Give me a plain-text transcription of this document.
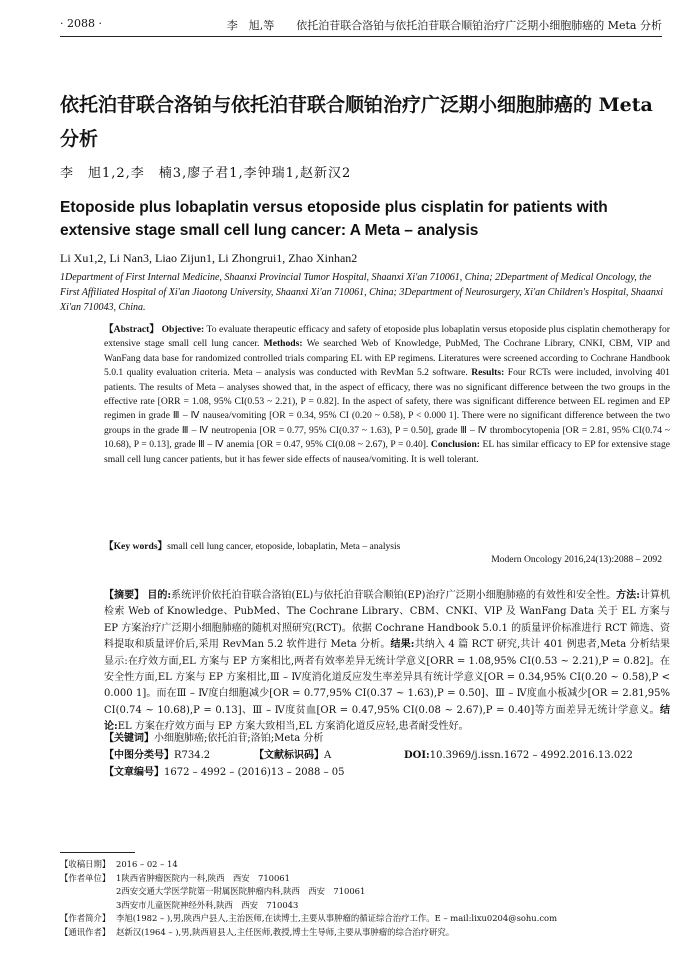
· 2088 ·	李　旭,等　　依托泊苷联合洛铂与依托泊苷联合顺铂治疗广泛期小细胞肺癌的 Meta 分析
依托泊苷联合洛铂与依托泊苷联合顺铂治疗广泛期小细胞肺癌的 Meta 分析
李　旭1,2,李　楠3,廖子君1,李钟瑞1,赵新汉2
Etoposide plus lobaplatin versus etoposide plus cisplatin for patients with extensive stage small cell lung cancer: A Meta – analysis
Li Xu1,2, Li Nan3, Liao Zijun1, Li Zhongrui1, Zhao Xinhan2
1Department of First Internal Medicine, Shaanxi Provincial Tumor Hospital, Shaanxi Xi'an 710061, China; 2Department of Medical Oncology, the First Affiliated Hospital of Xi'an Jiaotong University, Shaanxi Xi'an 710061, China; 3Department of Neurosurgery, Xi'an Children's Hospital, Shaanxi Xi'an 710043, China.
【Abstract】 Objective: To evaluate therapeutic efficacy and safety of etoposide plus lobaplatin versus etoposide plus cisplatin chemotherapy for extensive stage small cell lung cancer. Methods: We searched Web of Knowledge, PubMed, The Cochrane Library, CNKI, CBM, VIP and WanFang data base for randomized controlled trials comparing EL with EP regimens. Literatures were screened according to Cochrane Handbook 5.0.1 quality evaluation criteria. Meta – analysis was conducted with RevMan 5.2 software. Results: Four RCTs were included, involving 401 patients. The results of Meta – analyses showed that, in the aspect of efficacy, there was no significant difference between the two groups in the effective rate [ORR = 1.08, 95% CI(0.53 ~ 2.21), P = 0.82]. In the aspect of safety, there was significant difference between EL regimen and EP regimen in grade Ⅲ – Ⅳ nausea/vomiting [OR = 0.34, 95% CI (0.20 ~ 0.58), P < 0.000 1]. There were no significant difference between the two groups in the grade Ⅲ – Ⅳ neutropenia [OR = 0.77, 95% CI(0.37 ~ 1.63), P = 0.50], grade Ⅲ – Ⅳ thrombocytopenia [OR = 2.81, 95% CI(0.74 ~ 10.68), P = 0.13], grade Ⅲ – Ⅳ anemia [OR = 0.47, 95% CI(0.08 ~ 2.67), P = 0.40]. Conclusion: EL has similar efficacy to EP for extensive stage small cell lung cancer patients, but it has fewer side effects of nausea/vomiting. It is well tolerant.
【Key words】small cell lung cancer, etoposide, lobaplatin, Meta – analysis
Modern Oncology 2016,24(13):2088 – 2092
【摘要】 目的:系统评价依托泊苷联合洛铂(EL)与依托泊苷联合顺铂(EP)治疗广泛期小细胞肺癌的有效性和安全性。方法:计算机检索 Web of Knowledge、PubMed、The Cochrane Library、CBM、CNKI、VIP 及 WanFang Data 关于 EL 方案与 EP 方案治疗广泛期小细胞肺癌的随机对照研究(RCT)。依据 Cochrane Handbook 5.0.1 的质量评价标准进行 RCT 筛选、资料提取和质量评价后,采用 RevMan 5.2 软件进行 Meta 分析。结果:共纳入 4 篇 RCT 研究,共计 401 例患者,Meta 分析结果显示:在疗效方面,EL 方案与 EP 方案相比,两者有效率差异无统计学意义[ORR = 1.08,95% CI(0.53 ~ 2.21),P = 0.82]。在安全性方面,EL 方案与 EP 方案相比,Ⅲ – Ⅳ度消化道反应发生率差异具有统计学意义[OR = 0.34,95% CI(0.20 ~ 0.58),P < 0.000 1]。而在Ⅲ – Ⅳ度白细胞减少[OR = 0.77,95% CI(0.37 ~ 1.63),P = 0.50]、Ⅲ – Ⅳ度血小板减少[OR = 2.81,95% CI(0.74 ~ 10.68),P = 0.13]、Ⅲ – Ⅳ度贫血[OR = 0.47,95% CI(0.08 ~ 2.67),P = 0.40]等方面差异无统计学意义。结论:EL 方案在疗效方面与 EP 方案大致相当,EL 方案消化道反应轻,患者耐受性好。
【关键词】小细胞肺癌;依托泊苷;洛铂;Meta 分析
【中图分类号】R734.2	【文献标识码】A	DOI:10.3969/j.issn.1672 – 4992.2016.13.022
【文章编号】1672 – 4992 – (2016)13 – 2088 – 05
【收稿日期】 2016 – 02 – 14
【作者单位】 1陕西省肿瘤医院内一科,陕西　西安　710061
2西安交通大学医学院第一附属医院肿瘤内科,陕西　西安　710061
3西安市儿童医院神经外科,陕西　西安　710043
【作者简介】 李旭(1982 – ),男,陕西户县人,主治医师,在读博士,主要从事肿瘤的循证综合治疗工作。E – mail:lixu0204@sohu.com
【通讯作者】 赵新汉(1964 – ),男,陕西眉县人,主任医师,教授,博士生导师,主要从事肿瘤的综合治疗研究。
